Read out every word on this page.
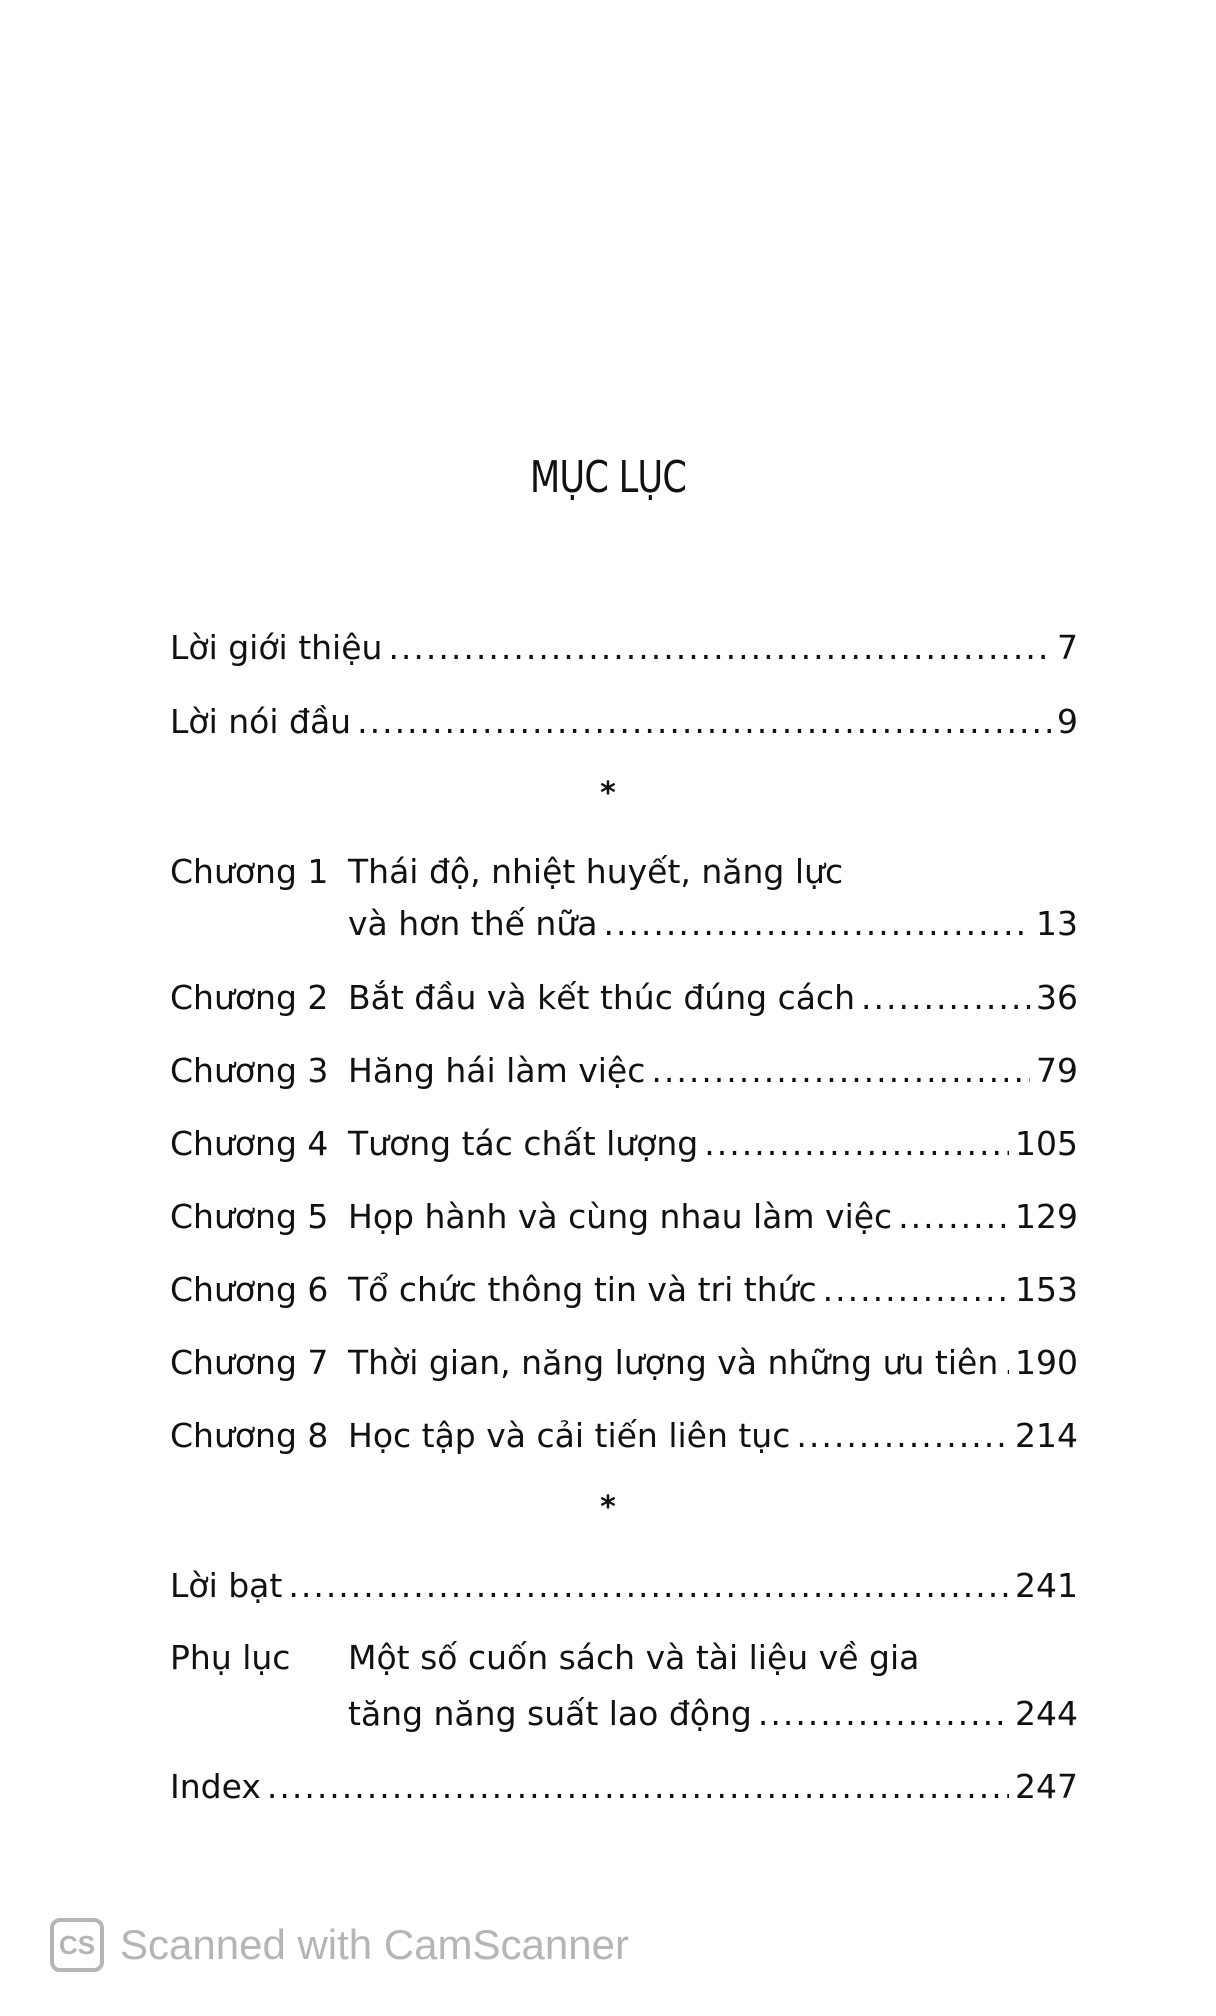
MỤC LỤC
Lời giới thiệu .....	7
Lời nói đầu .....	9
*
Chương 1 Thái độ, nhiệt huyết, năng lực
và hơn thế nữa .....	13
Chương 2 Bắt đầu và kết thúc đúng cách .....	36
Chương 3 Hăng hái làm việc .....	79
Chương 4 Tương tác chất lượng .....	105
Chương 5 Họp hành và cùng nhau làm việc .....	129
Chương 6 Tổ chức thông tin và tri thức .....	153
Chương 7 Thời gian, năng lượng và những ưu tiên ..... 190
Chương 8 Học tập và cải tiến liên tục .....	214
*
Lời bạt .....	241
Phụ lục Một số cuốn sách và tài liệu về gia
tăng năng suất lao động .....	244
Index .....	247
CS Scanned with CamScanner
